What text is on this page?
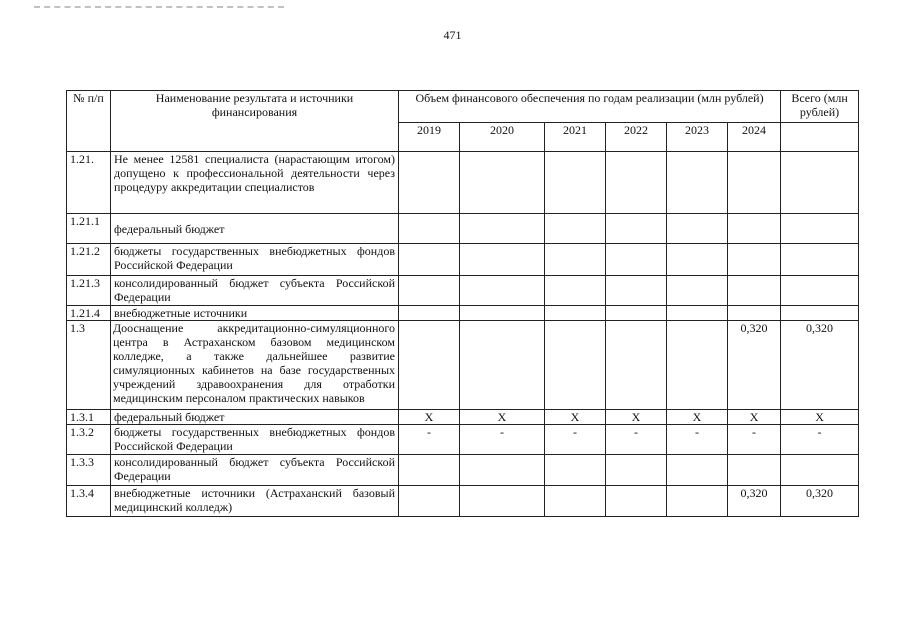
471
№ п/п	Наименование результата и источники финансирования	Объем финансового обеспечения по годам реализации (млн рублей)						Всего (млн рублей)
		2019	2020	2021	2022	2023	2024	
1.21.	Не менее 12581 специалиста (нарастающим итогом) допущено к профессиональной деятельности через процедуру аккредитации специалистов							
1.21.1	федеральный бюджет							
1.21.2	бюджеты государственных внебюджетных фондов Российской Федерации							
1.21.3	консолидированный бюджет субъекта Российской Федерации							
1.21.4	внебюджетные источники							
1.3	Дооснащение аккредитационно-симуляционного центра в Астраханском базовом медицинском колледже, а также дальнейшее развитие симуляционных кабинетов на базе государственных учреждений здравоохранения для отработки медицинским персоналом практических навыков						0,320	0,320
1.3.1	федеральный бюджет	X	X	X	X	X	X	X
1.3.2	бюджеты государственных внебюджетных фондов Российской Федерации	-	-	-	-	-	-	-
1.3.3	консолидированный бюджет субъекта Российской Федерации							
1.3.4	внебюджетные источники (Астраханский базовый медицинский колледж)						0,320	0,320
